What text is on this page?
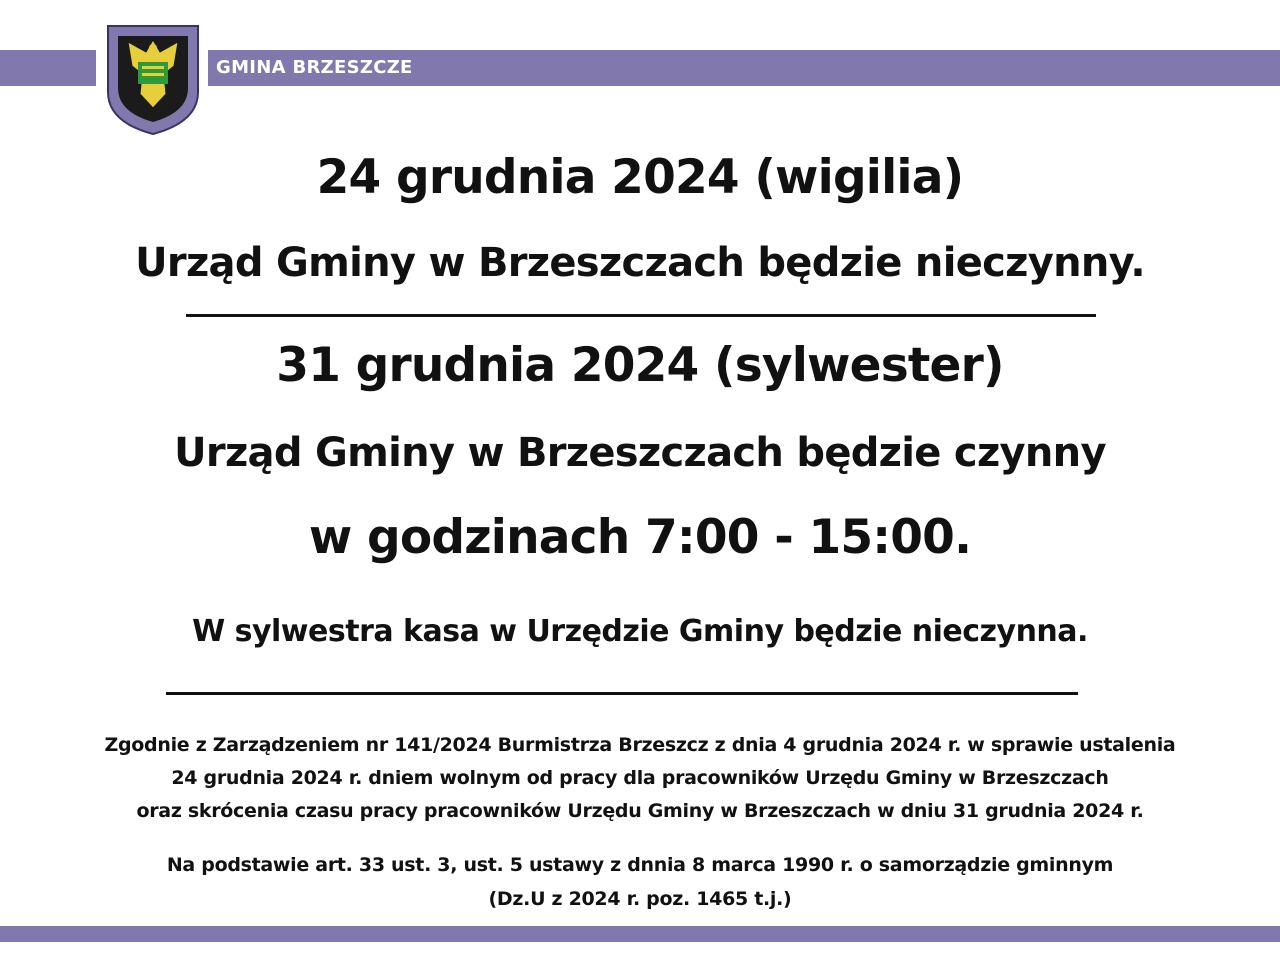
GMINA BRZESZCZE
24 grudnia 2024 (wigilia)
Urząd Gminy w Brzeszczach będzie nieczynny.
31 grudnia 2024 (sylwester)
Urząd Gminy w Brzeszczach będzie czynny
w godzinach 7:00 - 15:00.
W sylwestra kasa w Urzędzie Gminy będzie nieczynna.
Zgodnie z Zarządzeniem nr 141/2024 Burmistrza Brzeszcz z dnia 4 grudnia 2024 r. w sprawie ustalenia
24 grudnia 2024 r. dniem wolnym od pracy dla pracowników Urzędu Gminy w Brzeszczach
oraz skrócenia czasu pracy pracowników Urzędu Gminy w Brzeszczach w dniu 31 grudnia 2024 r.
Na podstawie art. 33 ust. 3, ust. 5 ustawy z dnnia 8 marca 1990 r. o samorządzie gminnym
(Dz.U z 2024 r. poz. 1465 t.j.)
